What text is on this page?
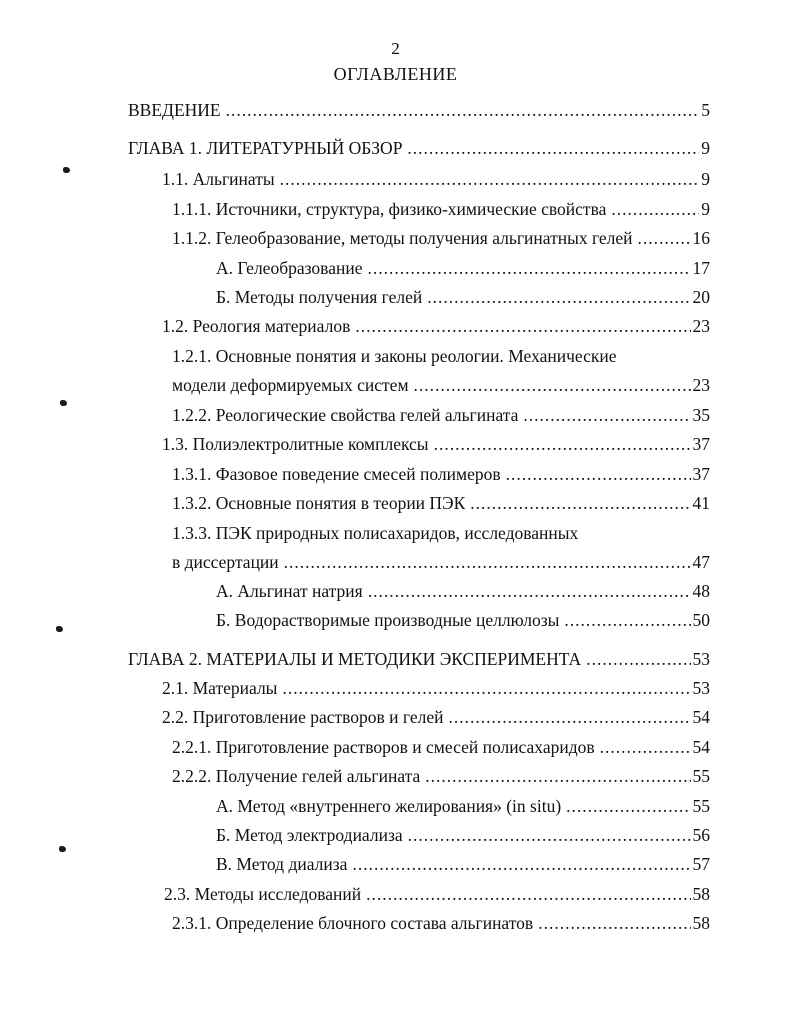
2
ОГЛАВЛЕНИЕ
ВВЕДЕНИЕ .....	5
ГЛАВА 1. ЛИТЕРАТУРНЫЙ ОБЗОР .....	9
1.1. Альгинаты .....	9
1.1.1. Источники, структура, физико-химические свойства .....	9
1.1.2. Гелеобразование, методы получения альгинатных гелей .....	16
А. Гелеобразование .....	17
Б. Методы получения гелей .....	20
1.2. Реология материалов .....	23
1.2.1. Основные понятия и законы реологии. Механические
модели деформируемых систем .....	23
1.2.2. Реологические свойства гелей альгината .....	35
1.3. Полиэлектролитные комплексы .....	37
1.3.1. Фазовое поведение смесей полимеров .....	37
1.3.2. Основные понятия в теории ПЭК .....	41
1.3.3. ПЭК природных полисахаридов, исследованных
в диссертации .....	47
А. Альгинат натрия .....	48
Б. Водорастворимые производные целлюлозы .....	50
ГЛАВА 2. МАТЕРИАЛЫ И МЕТОДИКИ ЭКСПЕРИМЕНТА .....	53
2.1. Материалы .....	53
2.2. Приготовление растворов и гелей .....	54
2.2.1. Приготовление растворов и смесей полисахаридов .....	54
2.2.2. Получение гелей альгината .....	55
А. Метод «внутреннего желирования» (in situ) .....	55
Б. Метод электродиализа .....	56
В. Метод диализа .....	57
2.3. Методы исследований .....	58
2.3.1. Определение блочного состава альгинатов .....	58
